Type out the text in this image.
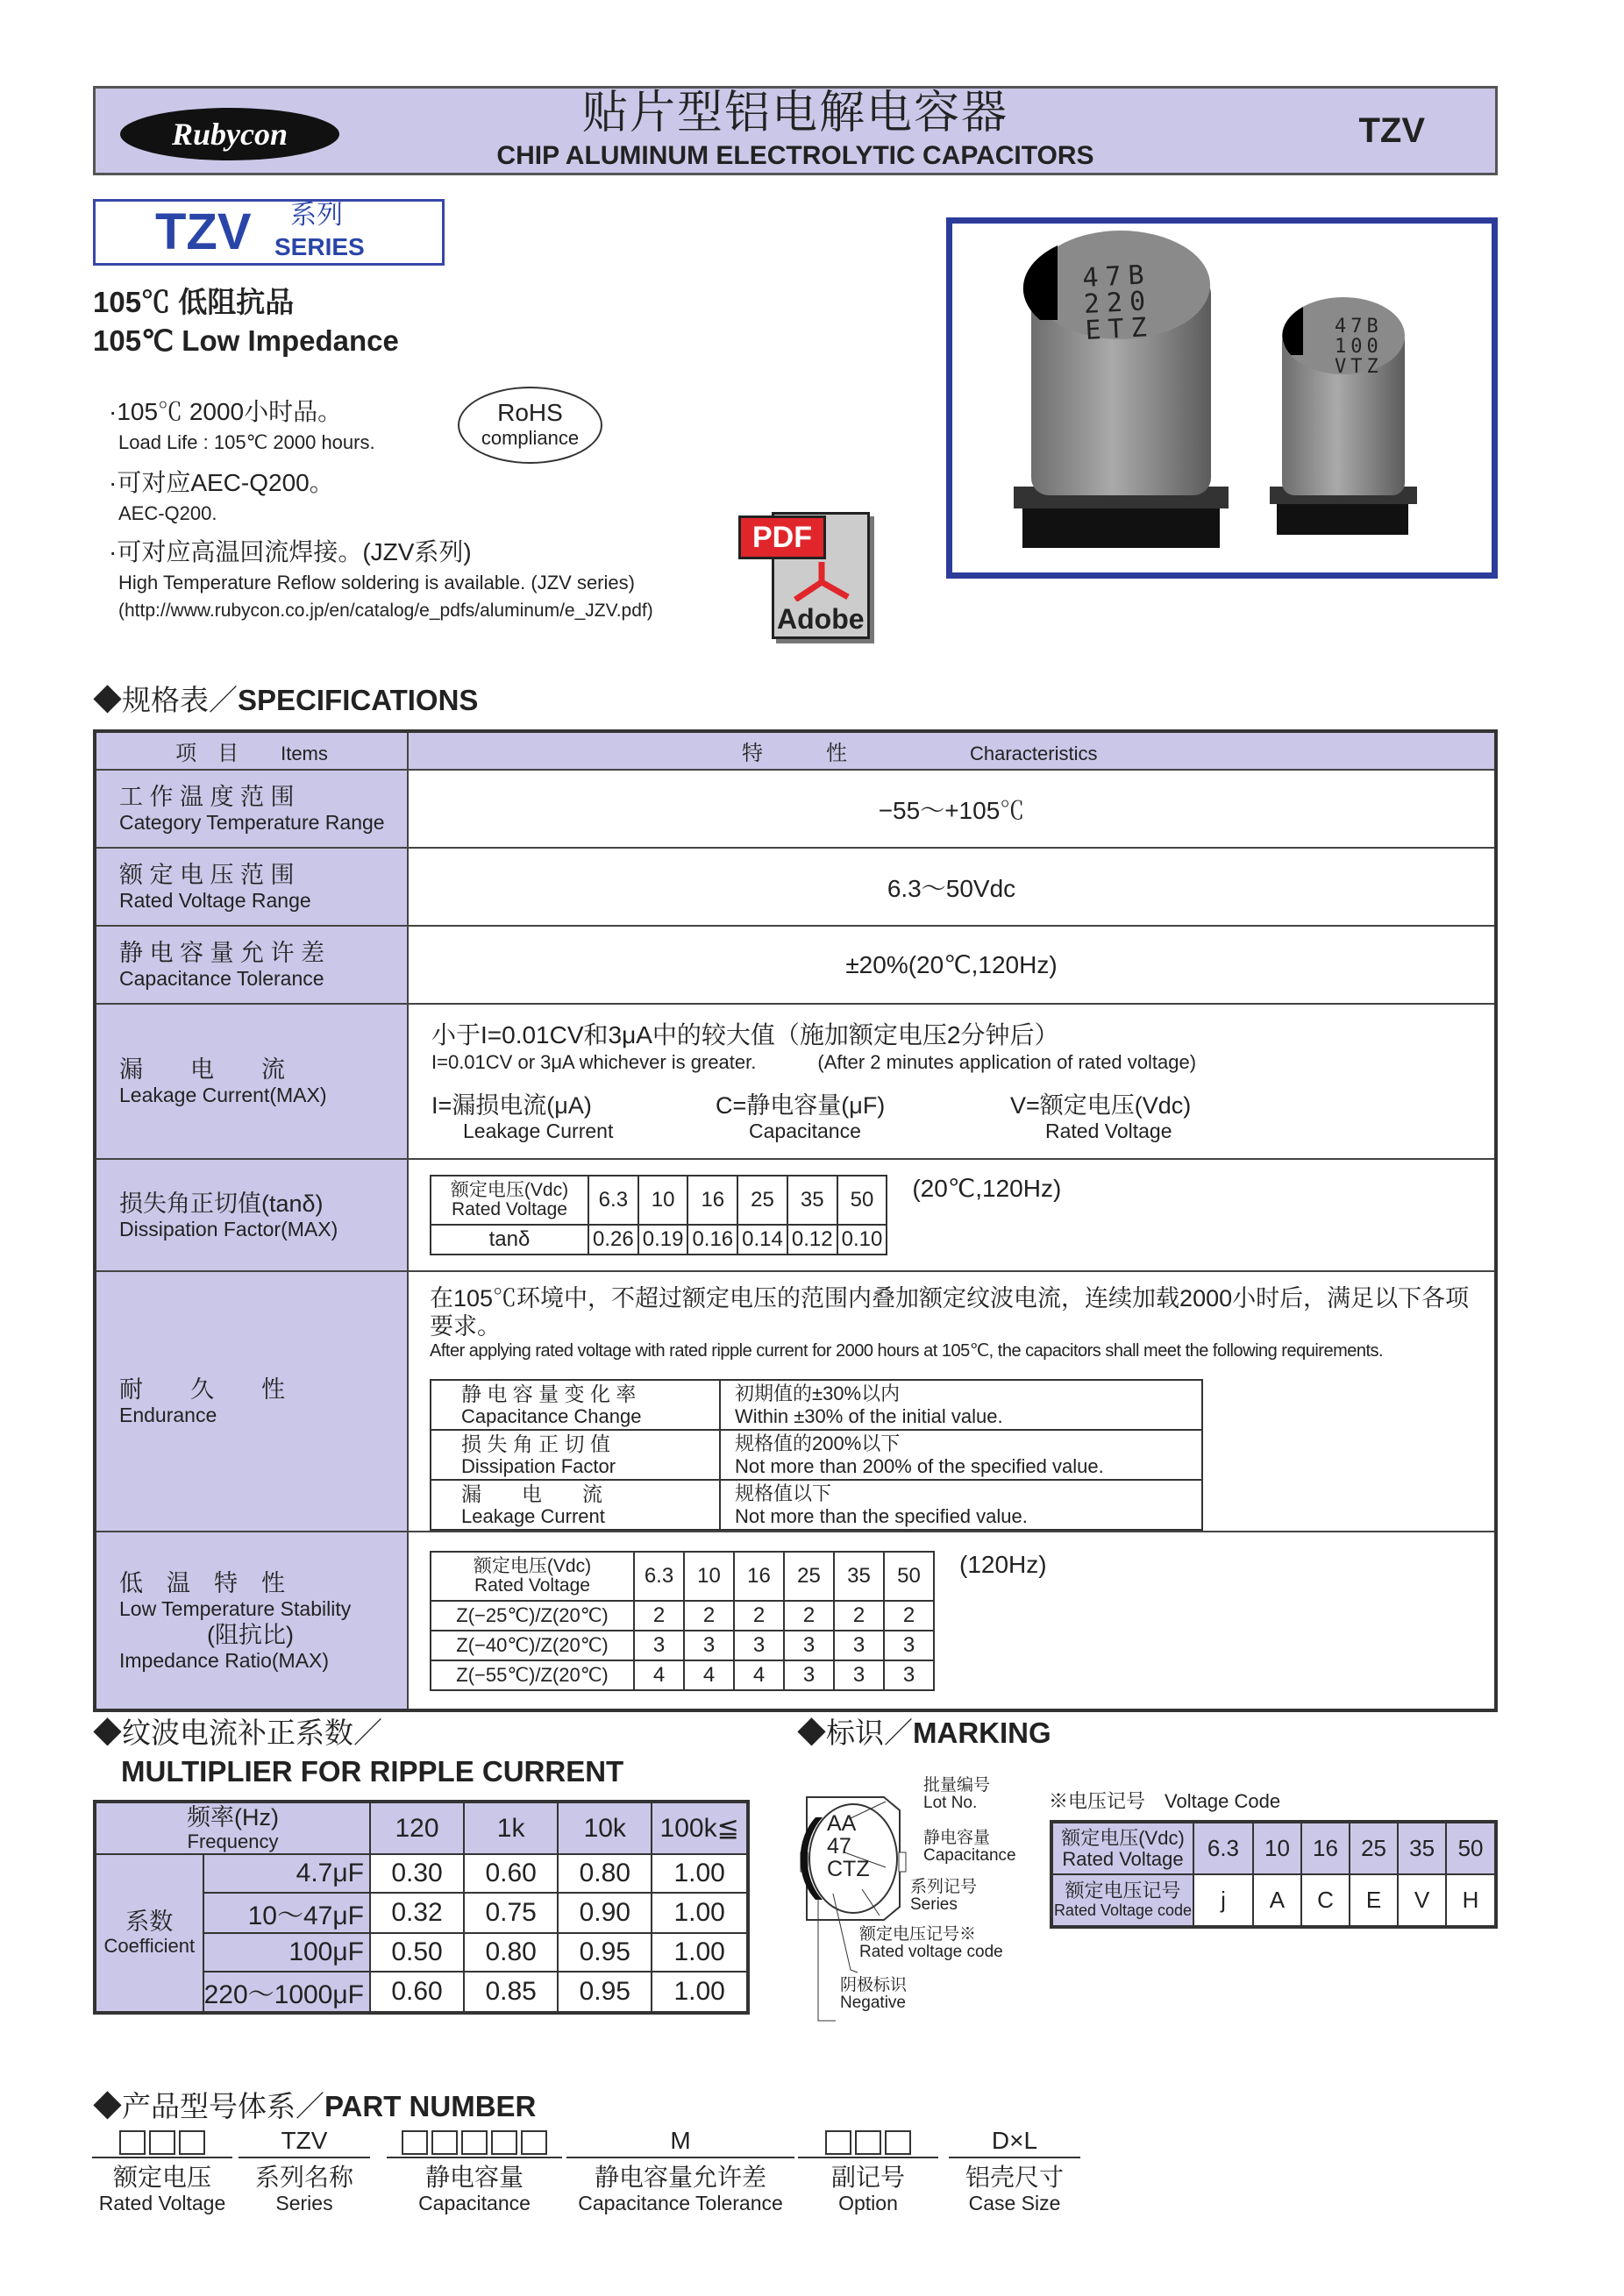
Rubycon	贴片型铝电解电容器
CHIP ALUMINUM ELECTROLYTIC CAPACITORS
TZV
TZV 系列
SERIES
105℃ 低阻抗品
105℃ Low Impedance
·105℃ 2000小时品。
Load Life : 105℃ 2000 hours.
·可对应AEC-Q200。
AEC-Q200.
·可对应高温回流焊接。(JZV系列)
High Temperature Reflow soldering is available. (JZV series)
(http://www.rubycon.co.jp/en/catalog/e_pdfs/aluminum/e_JZV.pdf)
RoHS
compliance
PDF
Adobe
47B
220
ETZ	47B
100
VTZ
◆规格表／SPECIFICATIONS
项　目　　 Items	特　　　性	Characteristics

工 作 温 度 范 围
Category Temperature Range	−55～+105℃

额 定 电 压 范 围
Rated Voltage Range	6.3～50Vdc

静 电 容 量 允 许 差
Capacitance Tolerance	±20%(20℃,120Hz)

漏　　电　　流
Leakage Current(MAX)

小于I=0.01CV和3μA中的较大值（施加额定电压2分钟后）
I=0.01CV or 3μA whichever is greater.	(After 2 minutes application of rated voltage)
I=漏损电流(μA)
Leakage Current
C=静电容量(μF)
Capacitance
V=额定电压(Vdc)
Rated Voltage

损失角正切值(tanδ)
Dissipation Factor(MAX)

额定电压(Vdc)
Rated Voltage	6.3	10	16	25	35	50
tanδ	0.26	0.19	0.16	0.14	0.12	0.10
(20℃,120Hz)

耐　　久　　性
Endurance

在105℃环境中，不超过额定电压的范围内叠加额定纹波电流，连续加载2000小时后，满足以下各项要求。
After applying rated voltage with rated ripple current for 2000 hours at 105℃, the capacitors shall meet the following requirements.
静 电 容 量 变 化 率
Capacitance Change

初期值的±30%以内
Within ±30% of the initial value.

损 失 角 正 切 值
Dissipation Factor

规格值的200%以下
Not more than 200% of the specified value.

漏　　电　　流
Leakage Current

规格值以下
Not more than the specified value.

低　温　特　性
Low Temperature Stability
(阻抗比)
Impedance Ratio(MAX)

额定电压(Vdc)
Rated Voltage	6.3	10	16	25	35	50
Z(−25℃)/Z(20℃)	2	2	2	2	2	2
Z(−40℃)/Z(20℃)	3	3	3	3	3	3
Z(−55℃)/Z(20℃)	4	4	4	3	3	3
(120Hz)
◆纹波电流补正系数／
MULTIPLIER FOR RIPPLE CURRENT
频率(Hz)
Frequency		120	1k	10k	100k≦

系数
Coefficient	4.7μF	0.30	0.60	0.80	1.00
	10～47μF	0.32	0.75	0.90	1.00
	100μF	0.50	0.80	0.95	1.00
	220～1000μF	0.60	0.85	0.95	1.00
◆标识／MARKING
AA
47
CTZ
批量编号
Lot No.
静电容量
Capacitance
系列记号
Series
额定电压记号※
Rated voltage code
阴极标识
Negative
※电压记号　Voltage Code
额定电压(Vdc)
Rated Voltage	6.3	10	16	25	35	50

额定电压记号
Rated Voltage code	j	A	C	E	V	H
◆产品型号体系／PART NUMBER
额定电压
Rated Voltage
TZV
系列名称
Series
静电容量
Capacitance
M
静电容量允许差
Capacitance Tolerance
副记号
Option
D×L
铝壳尺寸
Case Size
